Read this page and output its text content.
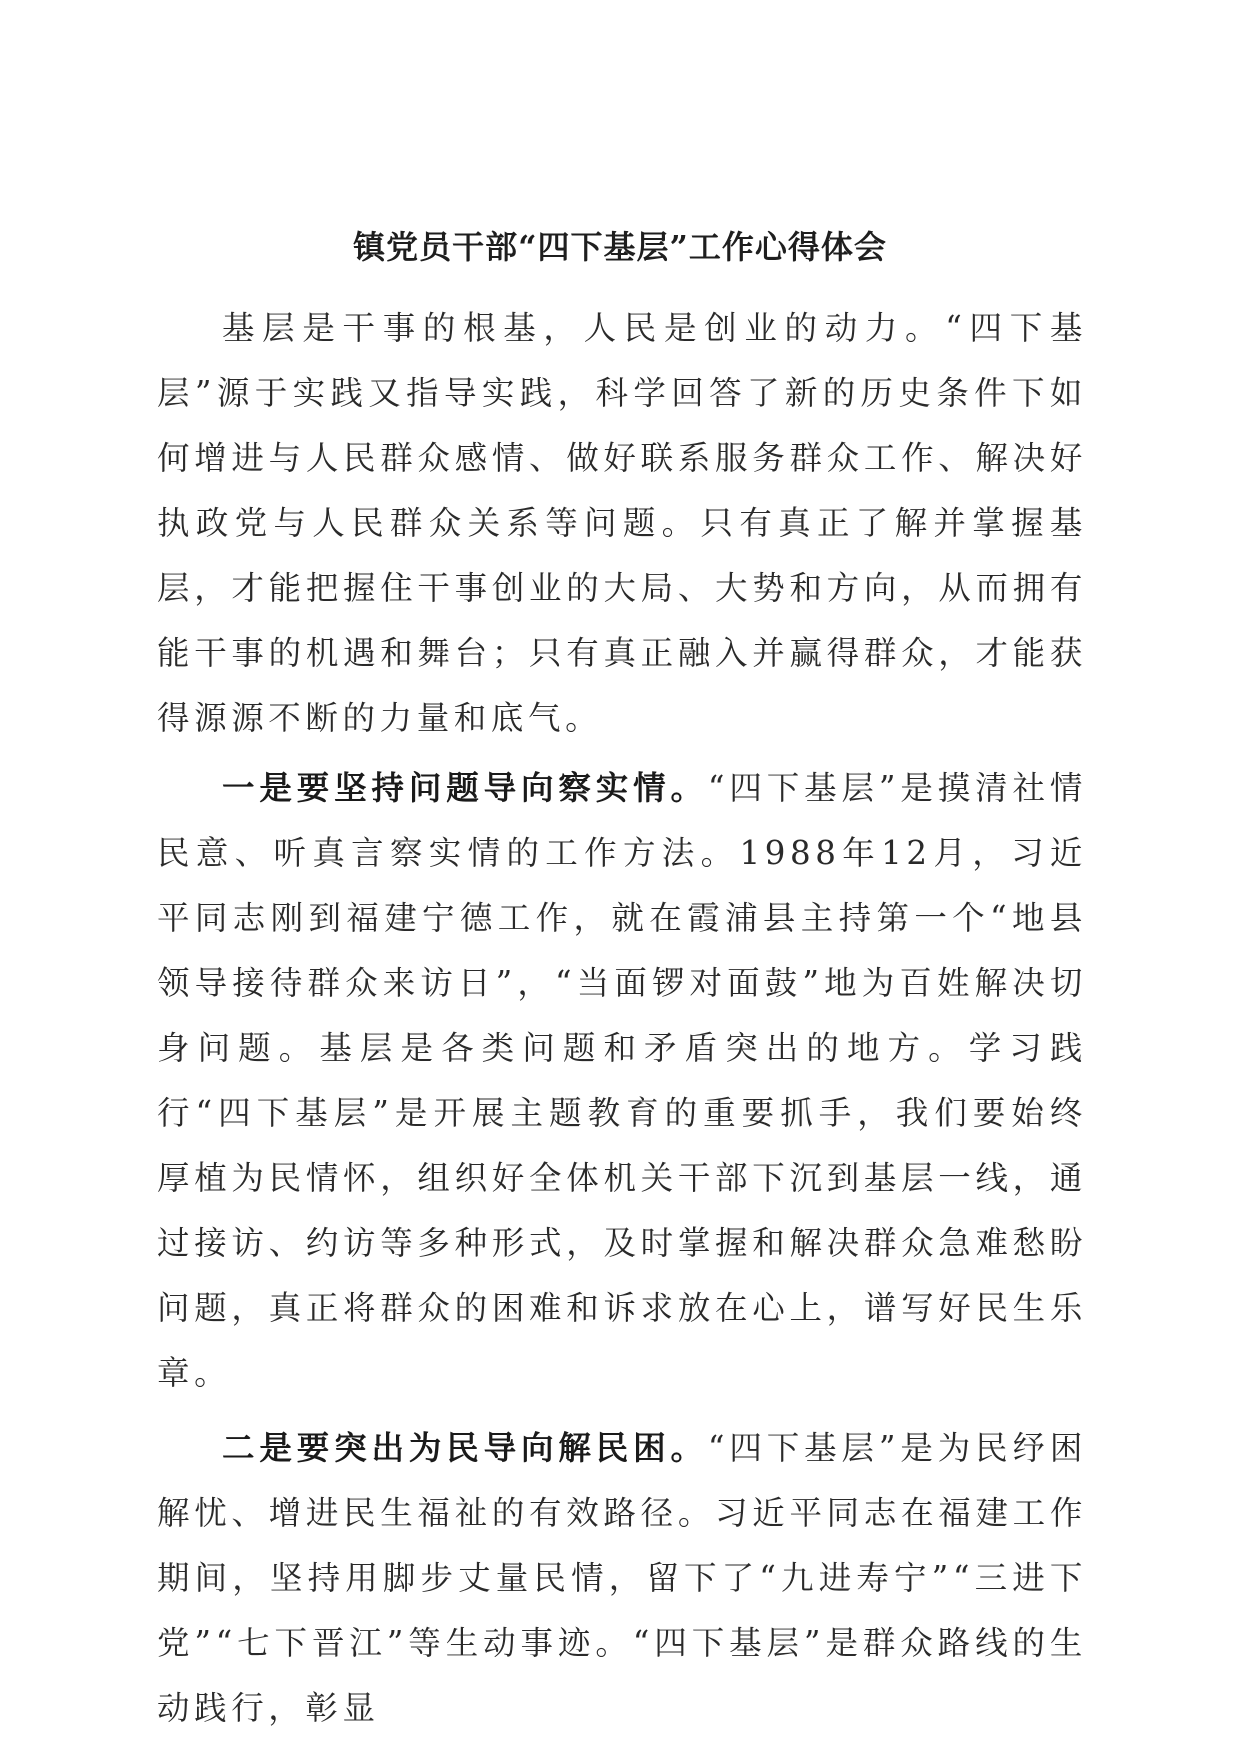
镇党员干部“四下基层”工作心得体会

基层是干事的根基，人民是创业的动力。“四下基层”源于实践又指导实践，科学回答了新的历史条件下如何增进与人民群众感情、做好联系服务群众工作、解决好执政党与人民群众关系等问题。只有真正了解并掌握基层，才能把握住干事创业的大局、大势和方向，从而拥有能干事的机遇和舞台；只有真正融入并赢得群众，才能获得源源不断的力量和底气。

一是要坚持问题导向察实情。“四下基层”是摸清社情民意、听真言察实情的工作方法。1988年12月，习近平同志刚到福建宁德工作，就在霞浦县主持第一个“地县领导接待群众来访日”，“当面锣对面鼓”地为百姓解决切身问题。基层是各类问题和矛盾突出的地方。学习践行“四下基层”是开展主题教育的重要抓手，我们要始终厚植为民情怀，组织好全体机关干部下沉到基层一线，通过接访、约访等多种形式，及时掌握和解决群众急难愁盼问题，真正将群众的困难和诉求放在心上，谱写好民生乐章。

二是要突出为民导向解民困。“四下基层”是为民纾困解忧、增进民生福祉的有效路径。习近平同志在福建工作期间，坚持用脚步丈量民情，留下了“九进寿宁”“三进下党”“七下晋江”等生动事迹。“四下基层”是群众路线的生动践行，彰显
